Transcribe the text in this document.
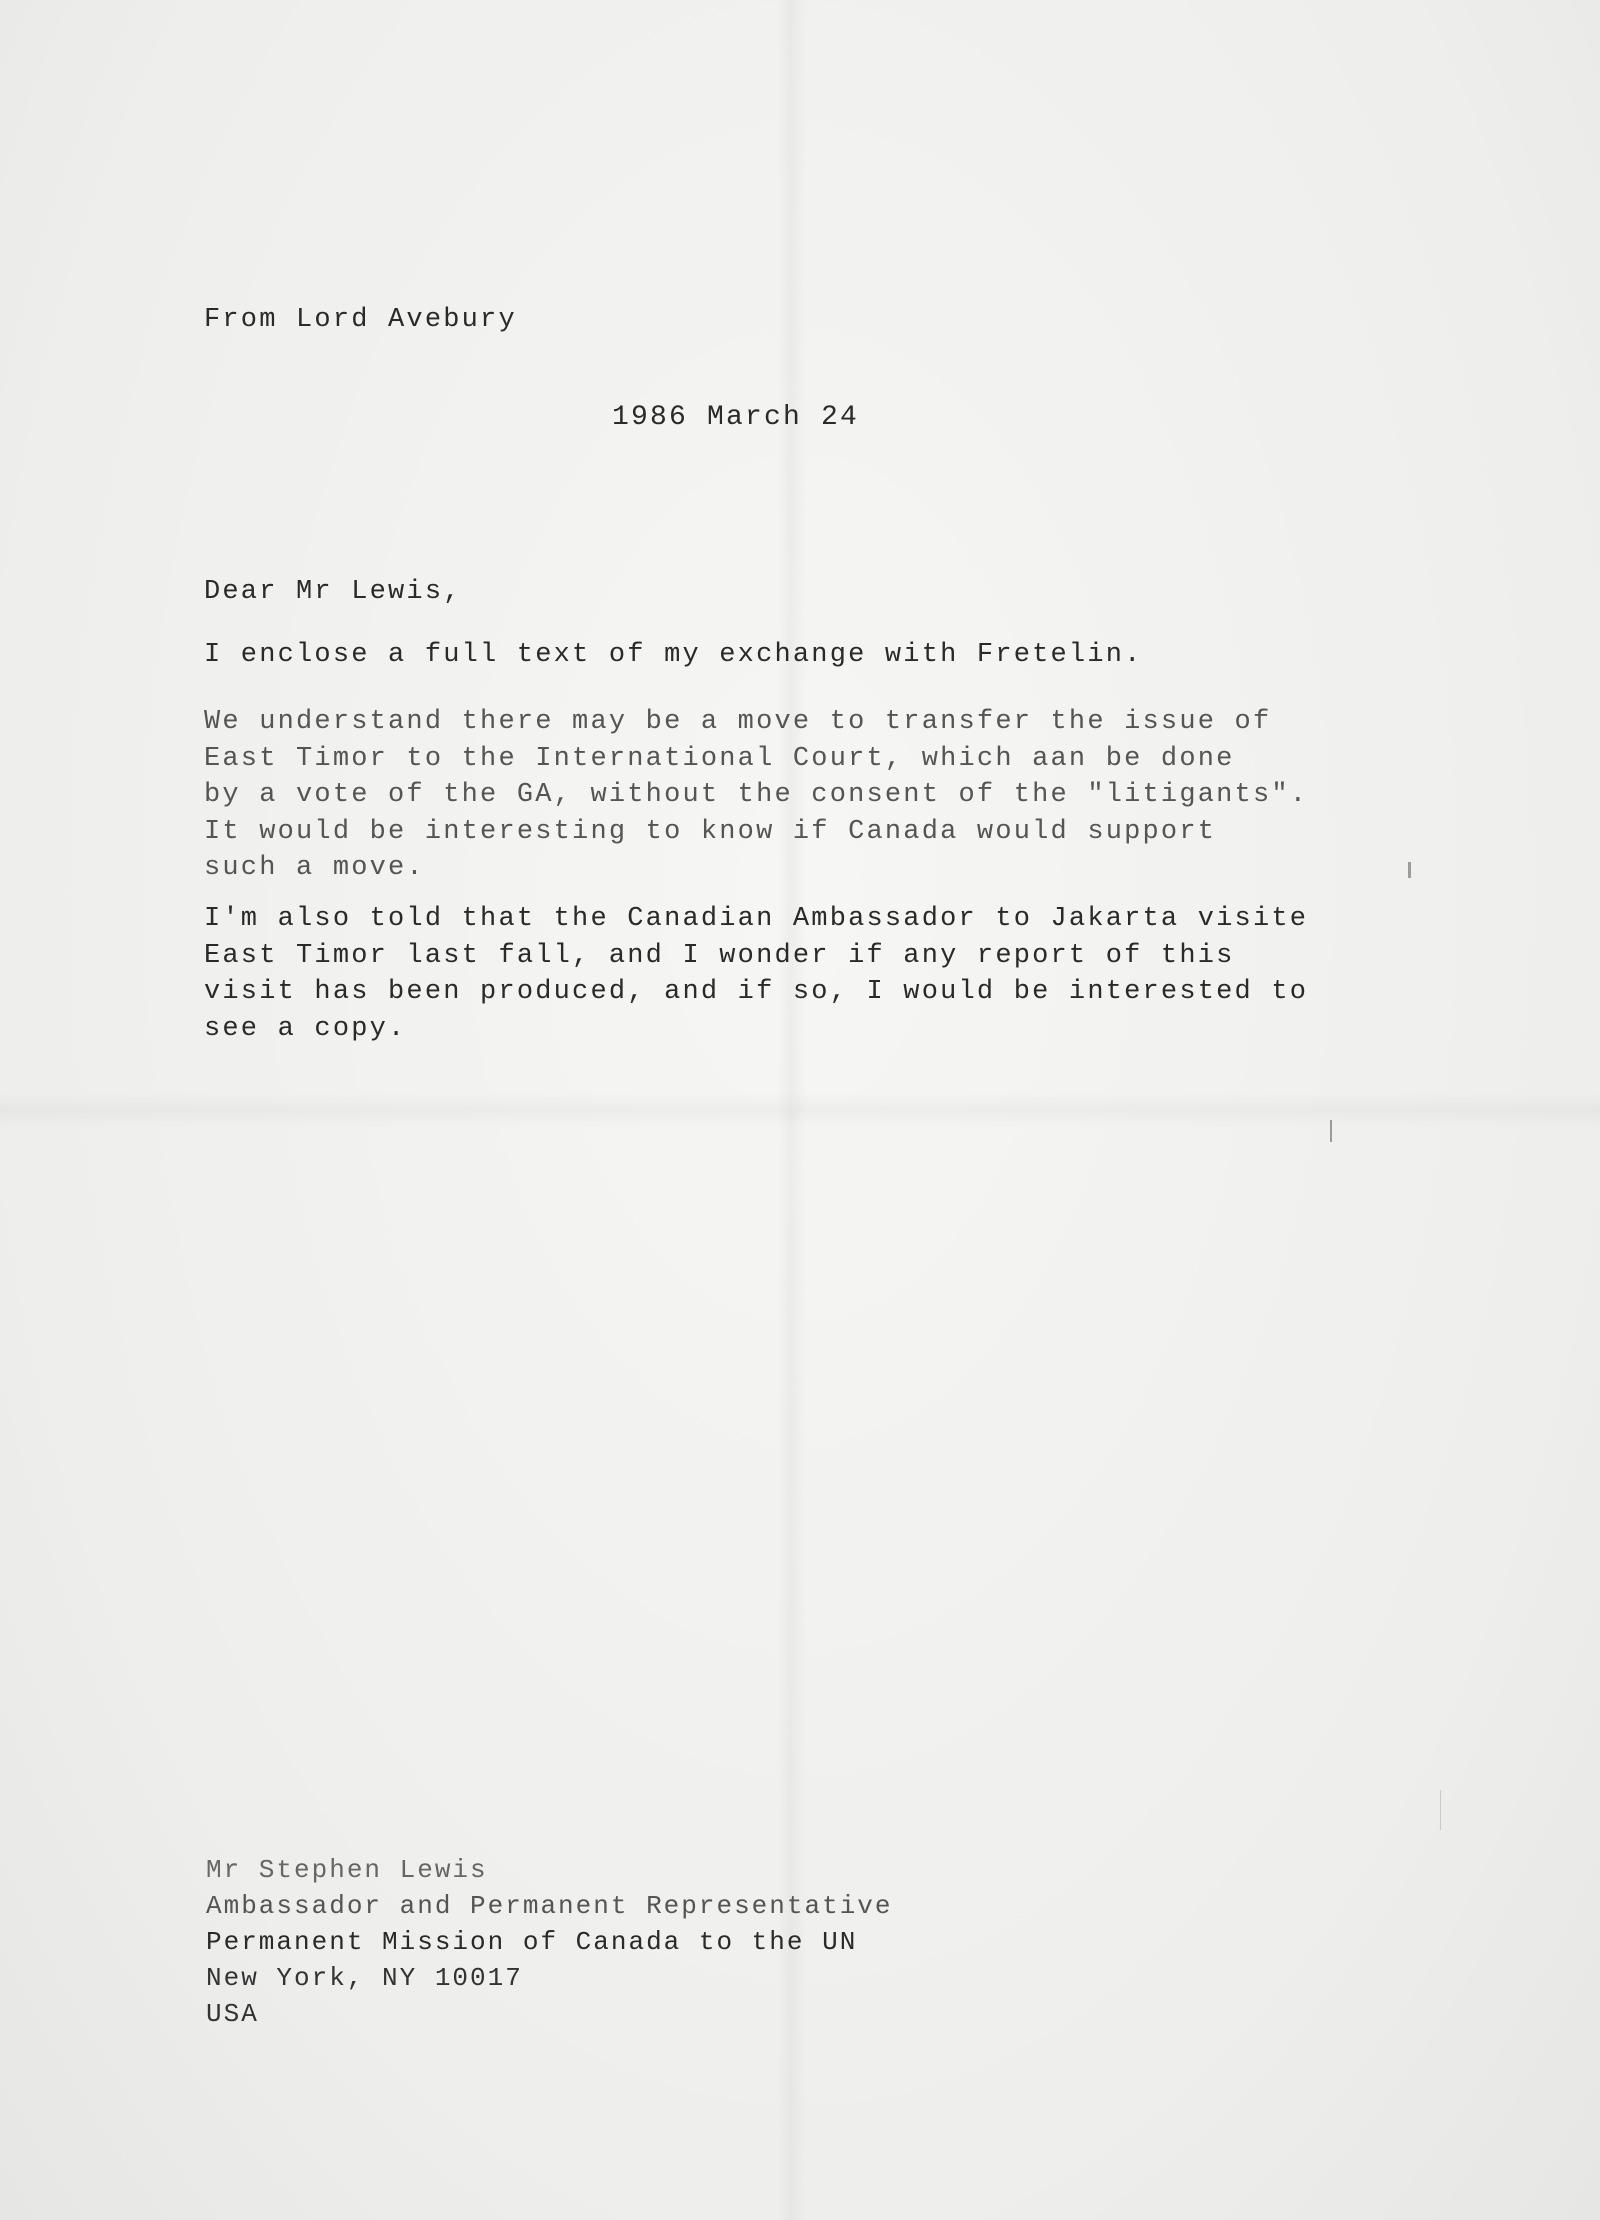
From Lord Avebury
1986 March 24
Dear Mr Lewis,
I enclose a full text of my exchange with Fretelin.
We understand there may be a move to transfer the issue of
East Timor to the International Court, which aan be done
by a vote of the GA, without the consent of the "litigants".
It would be interesting to know if Canada would support
such a move.
I'm also told that the Canadian Ambassador to Jakarta visite
East Timor last fall, and I wonder if any report of this
visit has been produced, and if so, I would be interested to
see a copy.
Mr Stephen Lewis
Ambassador and Permanent Representative
Permanent Mission of Canada to the UN
New York, NY 10017
USA
